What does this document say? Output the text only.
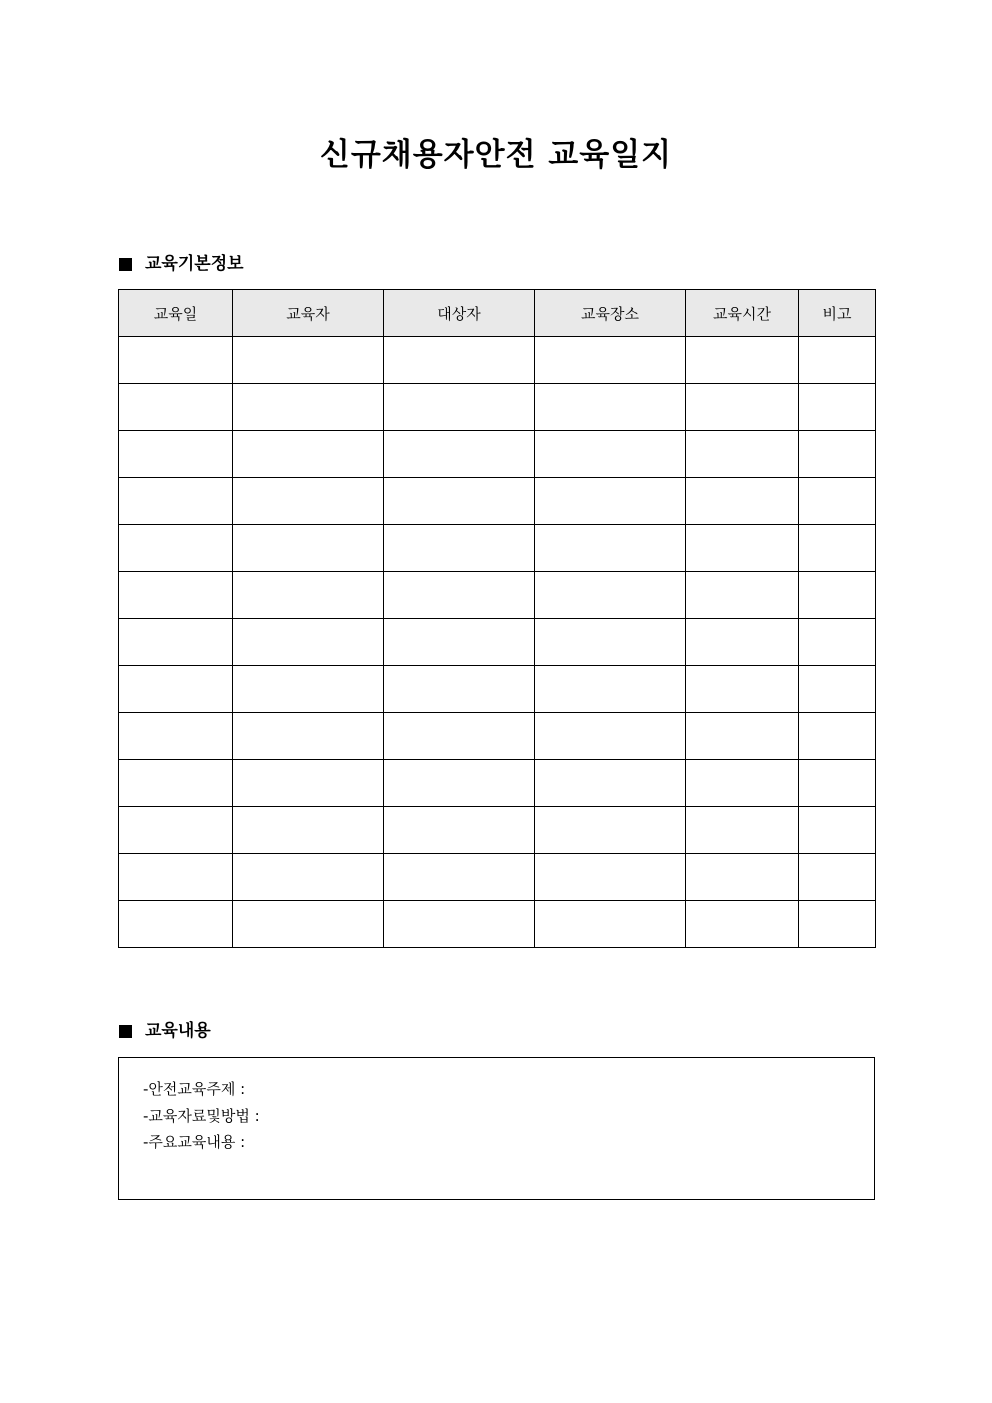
신규채용자안전 교육일지
교육기본정보
교육일	교육자	대상자	교육장소	교육시간	비고

교육내용
-안전교육주제 :
-교육자료및방법 :
-주요교육내용 :
